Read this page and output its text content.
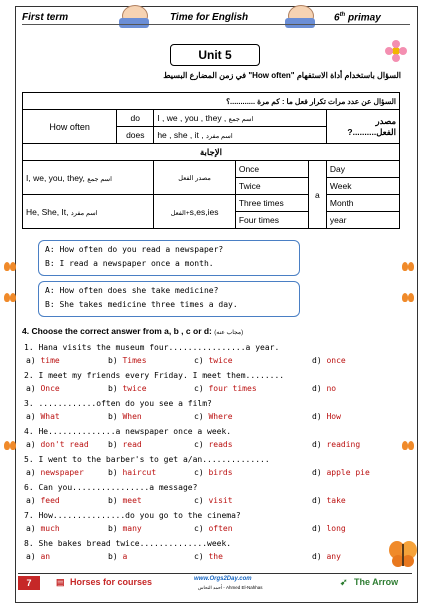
First term	Time for English	6th primay
Unit 5
السؤال باستخدام أداة الاستفهام "How often" في زمن المضارع البسيط
السؤال عن عدد مرات تكرار فعل ما : كم مرة ............؟					
How often	do	I , we , you , they , اسم جمع			مصدر الفعل..........?
	does	he , she , it , اسم مفرد			
الإجابة					
I, we, you, they, اسم جمع		مصدر الفعل	Once	a	Day
			Twice		Week
He, She, It, اسم مفرد		الفعل+s,es,ies	Three times		Month
			Four times		year
A: How often do you read a newspaper?
B: I read a newspaper once a month.
A: How often does she take medicine?
B: She takes medicine three times a day.
4. Choose the correct answer from a, b , c or d: (مجاب عنه)
1. Hana visits the museum four................a year.
a) time	b) Times	c) twice	d) once
2. I meet my friends every Friday. I meet them........
a) Once	b) twice	c) four times	d) no
3. ............often do you see a film?
a) What	b) When	c) Where	d) How
4. He..............a newspaper once a week.
a) don't read b) read	c) reads	d) reading
5. I went to the barber's to get a/an..............
a) newspaper	b) haircut	c) birds	d) apple pie
6. Can you................a message?
a) feed	b) meet	c) visit	d) take
7. How...............do you go to the cinema?
a) much	b) many	c) often	d) long
8. She bakes bread twice..............week.
a) an	b) a	c) the	d) any
7	▤ Horses for courses	www.Orgs2Day.com
أحمد النحاس - Ahmed El-Nahhas
➹ The Arrow
